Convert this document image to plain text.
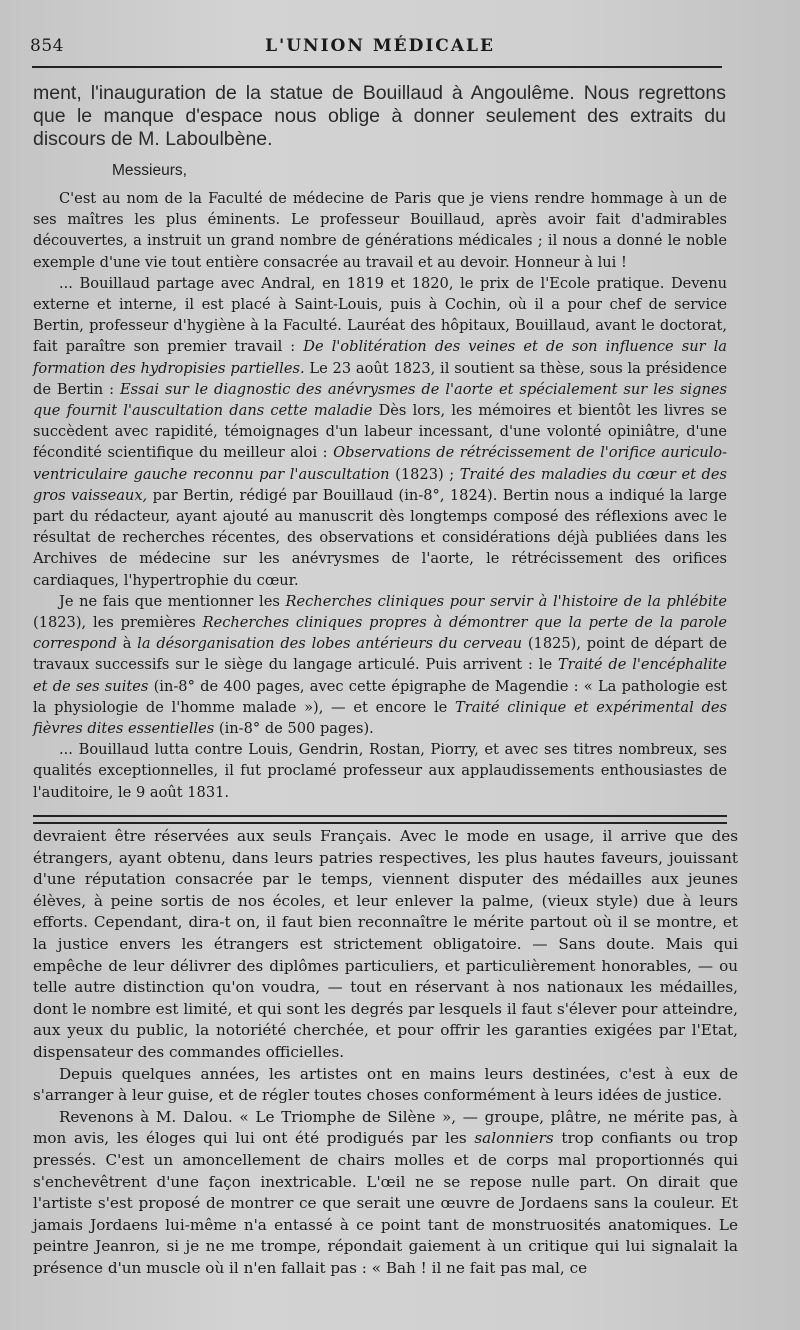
854	L'UNION MÉDICALE

ment, l'inauguration de la statue de Bouillaud à Angoulême. Nous regrettons que le manque d'espace nous oblige à donner seulement des extraits du discours de M. Laboulbène.

Messieurs,

C'est au nom de la Faculté de médecine de Paris que je viens rendre hommage à un de ses maîtres les plus éminents. Le professeur Bouillaud, après avoir fait d'admirables découvertes, a instruit un grand nombre de générations médicales ; il nous a donné le noble exemple d'une vie tout entière consacrée au travail et au devoir. Honneur à lui !

... Bouillaud partage avec Andral, en 1819 et 1820, le prix de l'Ecole pratique. Devenu externe et interne, il est placé à Saint-Louis, puis à Cochin, où il a pour chef de service Bertin, professeur d'hygiène à la Faculté. Lauréat des hôpitaux, Bouillaud, avant le doctorat, fait paraître son premier travail : De l'oblitération des veines et de son influence sur la formation des hydropisies partielles. Le 23 août 1823, il soutient sa thèse, sous la présidence de Bertin : Essai sur le diagnostic des anévrysmes de l'aorte et spécialement sur les signes que fournit l'auscultation dans cette maladie Dès lors, les mémoires et bientôt les livres se succèdent avec rapidité, témoignages d'un labeur incessant, d'une volonté opiniâtre, d'une fécondité scientifique du meilleur aloi : Observations de rétrécissement de l'orifice auriculo-ventriculaire gauche reconnu par l'auscultation (1823) ; Traité des maladies du cœur et des gros vaisseaux, par Bertin, rédigé par Bouillaud (in-8°, 1824). Bertin nous a indiqué la large part du rédacteur, ayant ajouté au manuscrit dès longtemps composé des réflexions avec le résultat de recherches récentes, des observations et considérations déjà publiées dans les Archives de médecine sur les anévrysmes de l'aorte, le rétrécissement des orifices cardiaques, l'hypertrophie du cœur.

Je ne fais que mentionner les Recherches cliniques pour servir à l'histoire de la phlébite (1823), les premières Recherches cliniques propres à démontrer que la perte de la parole correspond à la désorganisation des lobes antérieurs du cerveau (1825), point de départ de travaux successifs sur le siège du langage articulé. Puis arrivent : le Traité de l'encéphalite et de ses suites (in-8° de 400 pages, avec cette épigraphe de Magendie : « La pathologie est la physiologie de l'homme malade »), — et encore le Traité clinique et expérimental des fièvres dites essentielles (in-8° de 500 pages).

... Bouillaud lutta contre Louis, Gendrin, Rostan, Piorry, et avec ses titres nombreux, ses qualités exceptionnelles, il fut proclamé professeur aux applaudissements enthousiastes de l'auditoire, le 9 août 1831.

devraient être réservées aux seuls Français. Avec le mode en usage, il arrive que des étrangers, ayant obtenu, dans leurs patries respectives, les plus hautes faveurs, jouissant d'une réputation consacrée par le temps, viennent disputer des médailles aux jeunes élèves, à peine sortis de nos écoles, et leur enlever la palme, (vieux style) due à leurs efforts. Cependant, dira-t on, il faut bien reconnaître le mérite partout où il se montre, et la justice envers les étrangers est strictement obligatoire. — Sans doute. Mais qui empêche de leur délivrer des diplômes particuliers, et particulièrement honorables, — ou telle autre distinction qu'on voudra, — tout en réservant à nos nationaux les médailles, dont le nombre est limité, et qui sont les degrés par lesquels il faut s'élever pour atteindre, aux yeux du public, la notoriété cherchée, et pour offrir les garanties exigées par l'Etat, dispensateur des commandes officielles.

Depuis quelques années, les artistes ont en mains leurs destinées, c'est à eux de s'arranger à leur guise, et de régler toutes choses conformément à leurs idées de justice.

Revenons à M. Dalou. « Le Triomphe de Silène », — groupe, plâtre, ne mérite pas, à mon avis, les éloges qui lui ont été prodigués par les salonniers trop confiants ou trop pressés. C'est un amoncellement de chairs molles et de corps mal proportionnés qui s'enchevêtrent d'une façon inextricable. L'œil ne se repose nulle part. On dirait que l'artiste s'est proposé de montrer ce que serait une œuvre de Jordaens sans la couleur. Et jamais Jordaens lui-même n'a entassé à ce point tant de monstruosités anatomiques. Le peintre Jeanron, si je ne me trompe, répondait gaiement à un critique qui lui signalait la présence d'un muscle où il n'en fallait pas : « Bah ! il ne fait pas mal, ce
